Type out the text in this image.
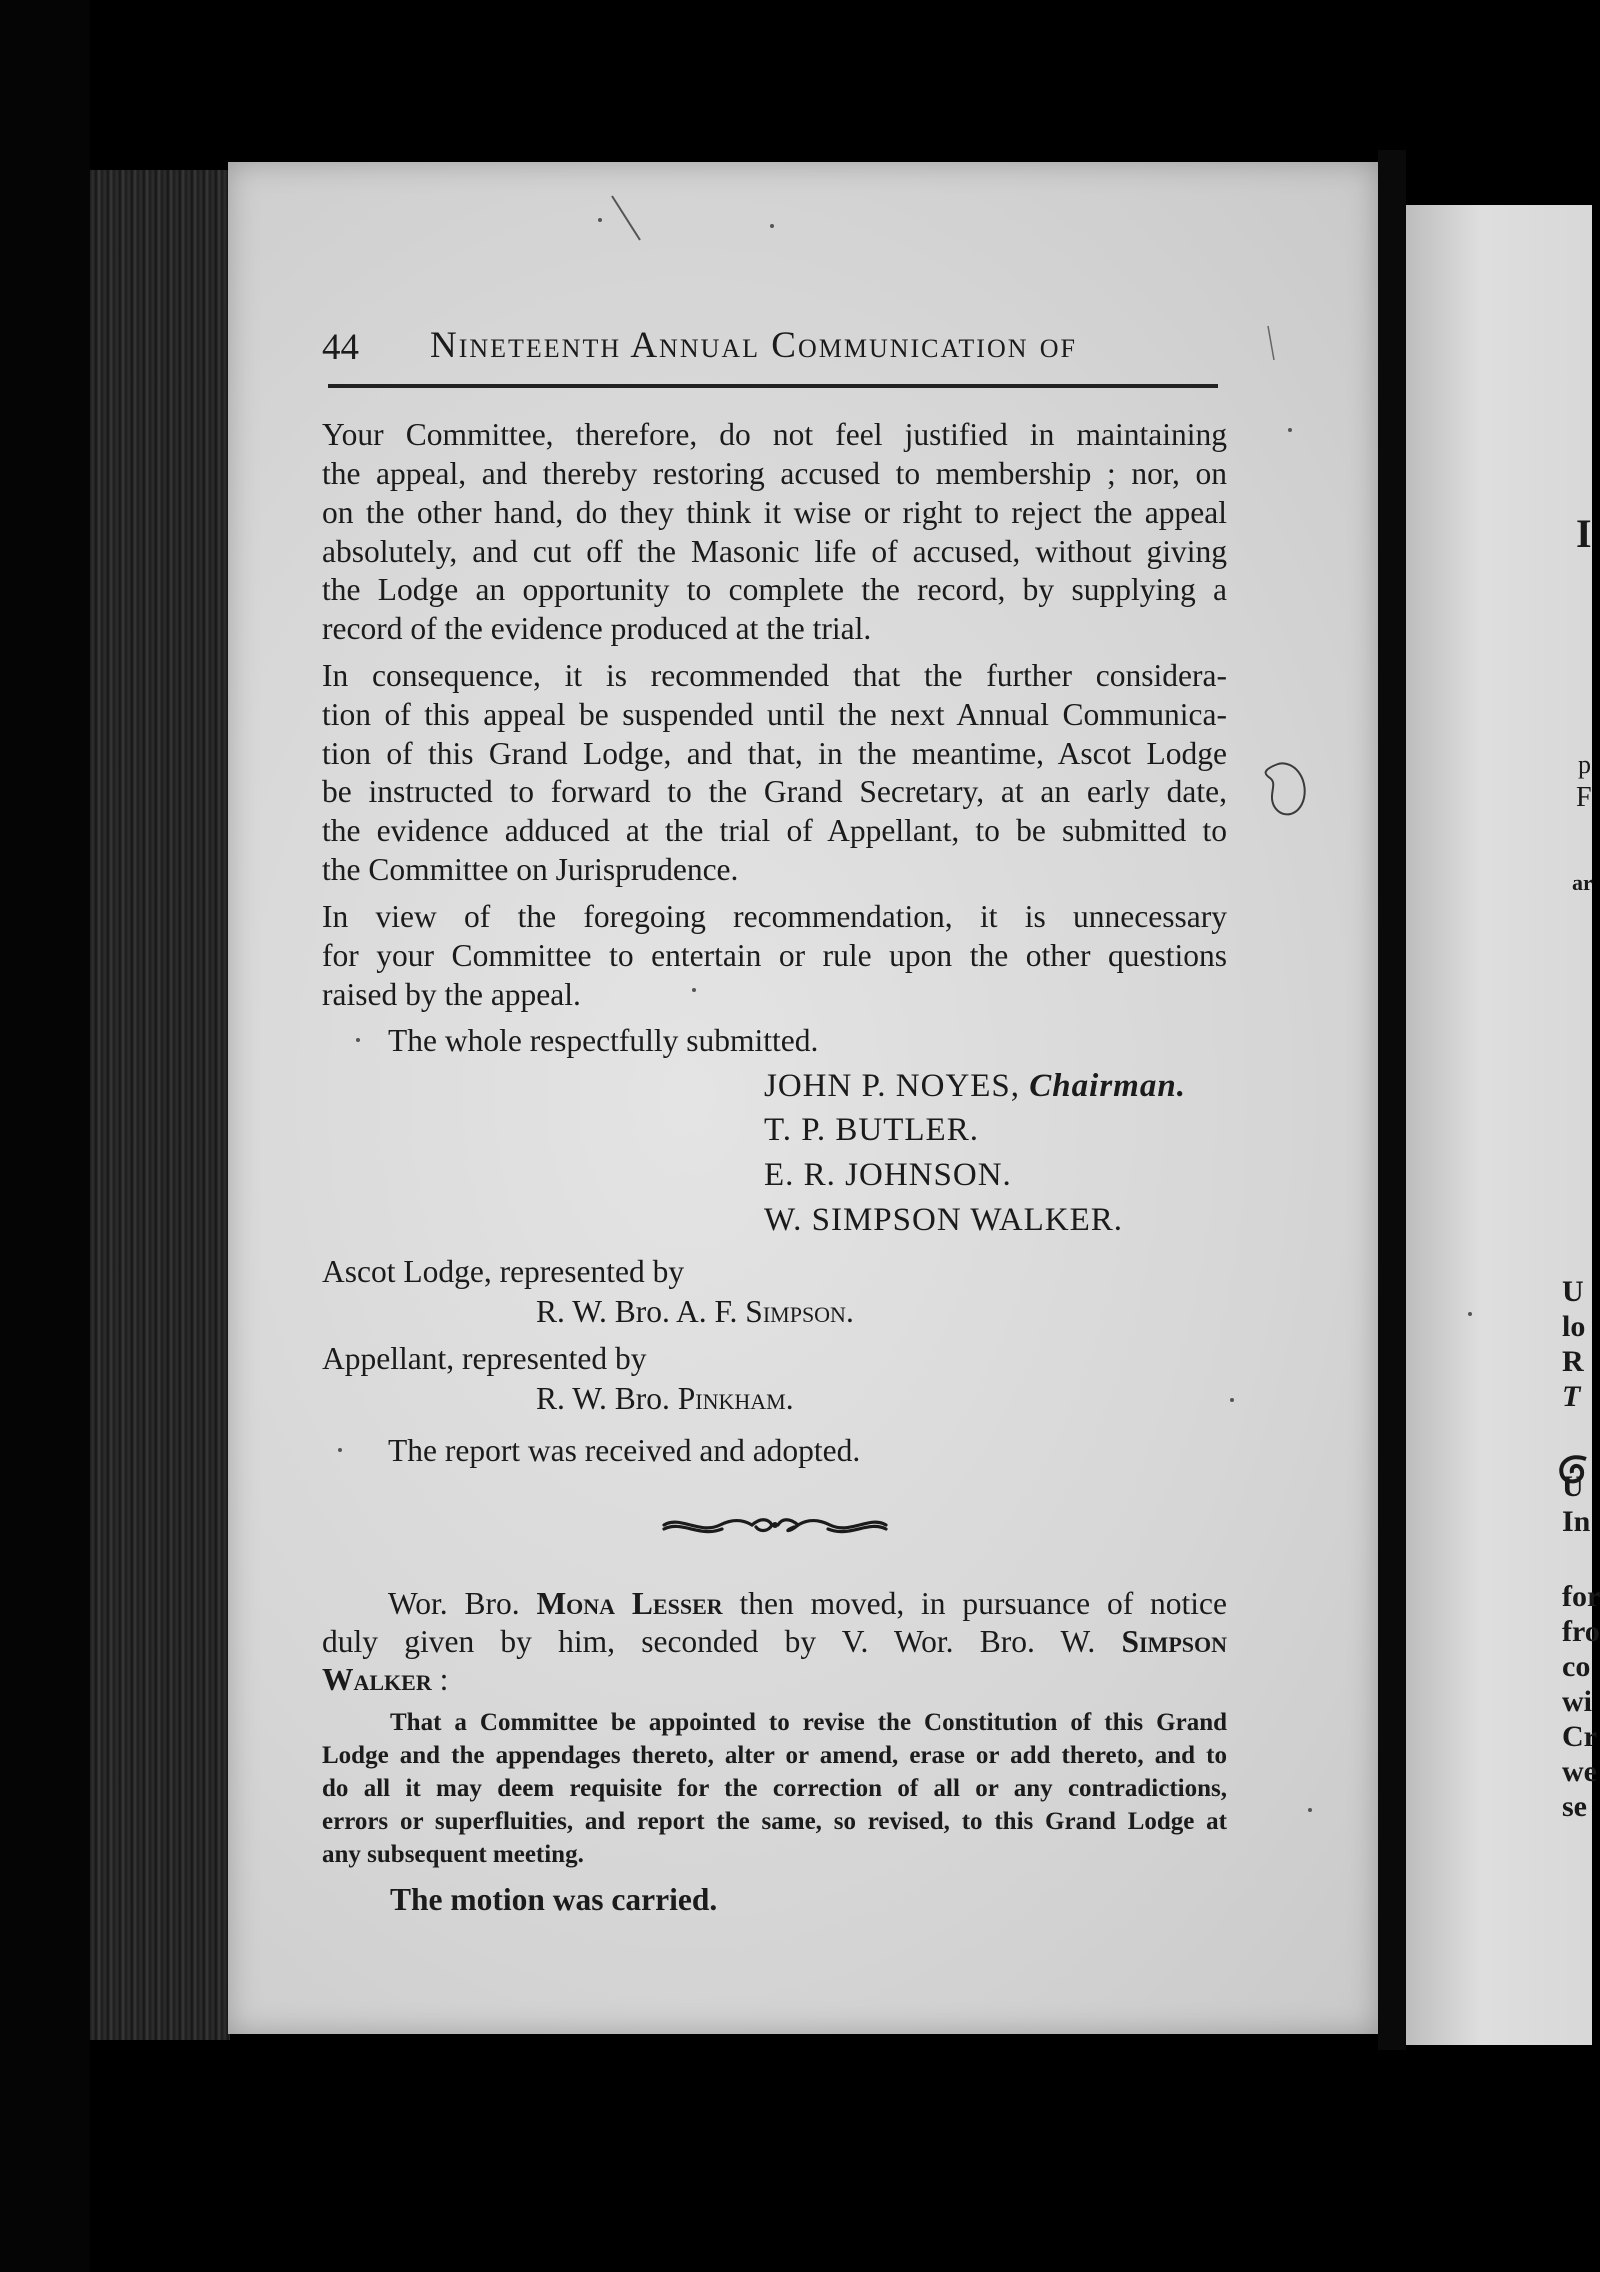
I
p
F
ar
U
lo
R
T
U
In
for
fro
co
wi
Cr
we
se
44 Nineteenth Annual Communication of
Your Committee, therefore, do not feel justified in maintaining
the appeal, and thereby restoring accused to membership ; nor, on
on the other hand, do they think it wise or right to reject the appeal
absolutely, and cut off the Masonic life of accused, without giving
the Lodge an opportunity to complete the record, by supplying a
record of the evidence produced at the trial.
In consequence, it is recommended that the further considera-
tion of this appeal be suspended until the next Annual Communica-
tion of this Grand Lodge, and that, in the meantime, Ascot Lodge
be instructed to forward to the Grand Secretary, at an early date,
the evidence adduced at the trial of Appellant, to be submitted to
the Committee on Jurisprudence.
In view of the foregoing recommendation, it is unnecessary
for your Committee to entertain or rule upon the other questions
raised by the appeal.
The whole respectfully submitted.
JOHN P. NOYES, Chairman.
T. P. BUTLER.
E. R. JOHNSON.
W. SIMPSON WALKER.
Ascot Lodge, represented by
R. W. Bro. A. F. Simpson.
Appellant, represented by
R. W. Bro. Pinkham.
The report was received and adopted.
Wor. Bro. Mona Lesser then moved, in pursuance of notice
duly given by him, seconded by V. Wor. Bro. W. Simpson
Walker :
That a Committee be appointed to revise the Constitution of this Grand
Lodge and the appendages thereto, alter or amend, erase or add thereto, and to
do all it may deem requisite for the correction of all or any contradictions,
errors or superfluities, and report the same, so revised, to this Grand Lodge at
any subsequent meeting.
The motion was carried.
